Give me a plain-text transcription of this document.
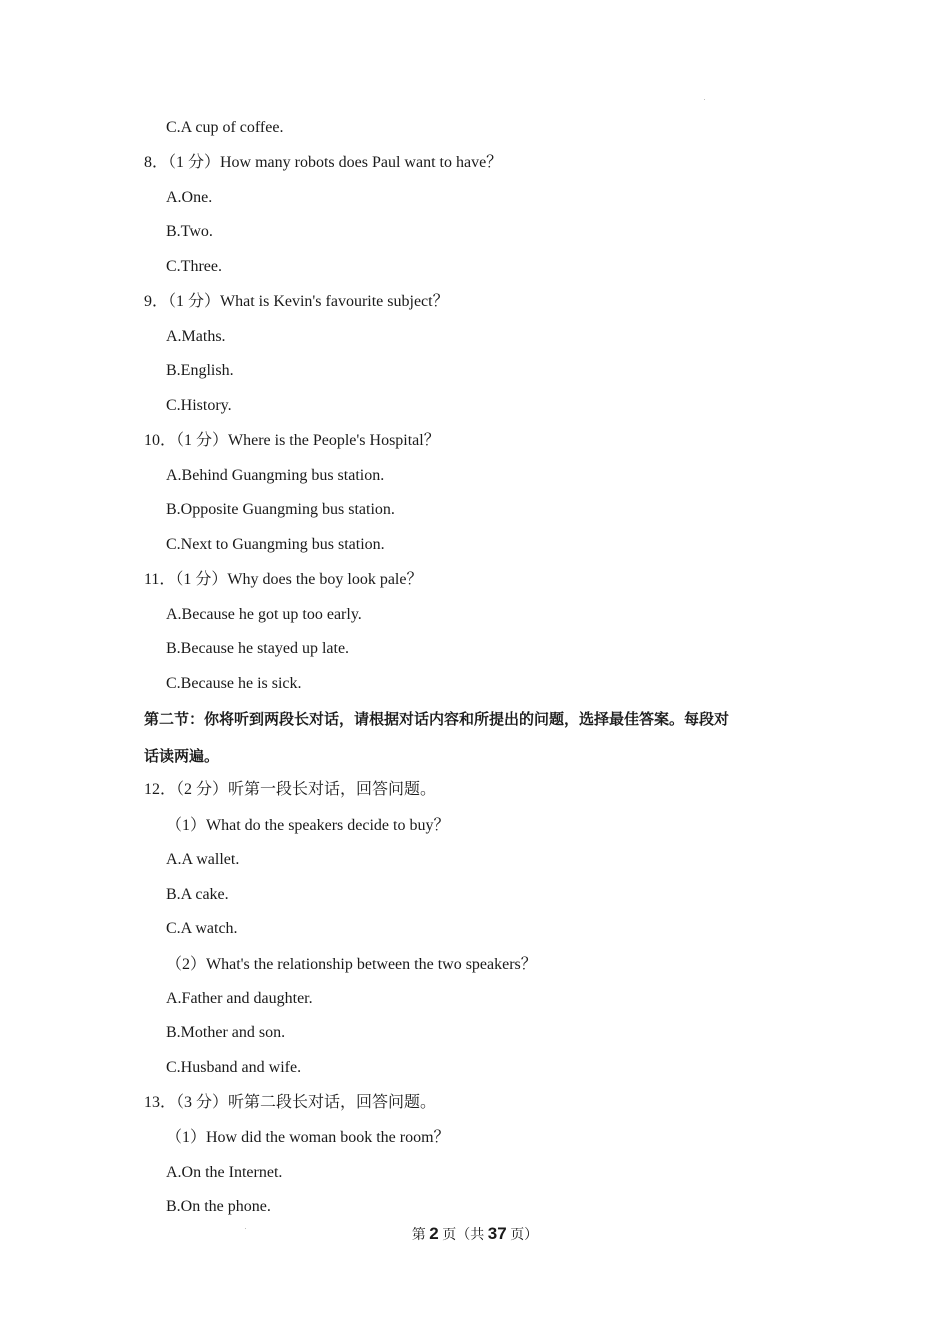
C.A cup of coffee.
8．（1 分）How many robots does Paul want to have？
A.One.
B.Two.
C.Three.
9．（1 分）What is Kevin's favourite subject？
A.Maths.
B.English.
C.History.
10．（1 分）Where is the People's Hospital？
A.Behind Guangming bus station.
B.Opposite Guangming bus station.
C.Next to Guangming bus station.
11．（1 分）Why does the boy look pale？
A.Because he got up too early.
B.Because he stayed up late.
C.Because he is sick.
第二节：你将听到两段长对话，请根据对话内容和所提出的问题，选择最佳答案。每段对
话读两遍。
12．（2 分）听第一段长对话，回答问题。
（1）What do the speakers decide to buy？
A.A wallet.
B.A cake.
C.A watch.
（2）What's the relationship between the two speakers？
A.Father and daughter.
B.Mother and son.
C.Husband and wife.
13．（3 分）听第二段长对话，回答问题。
（1）How did the woman book the room？
A.On the Internet.
B.On the phone.
第 2 页（共 37 页）
